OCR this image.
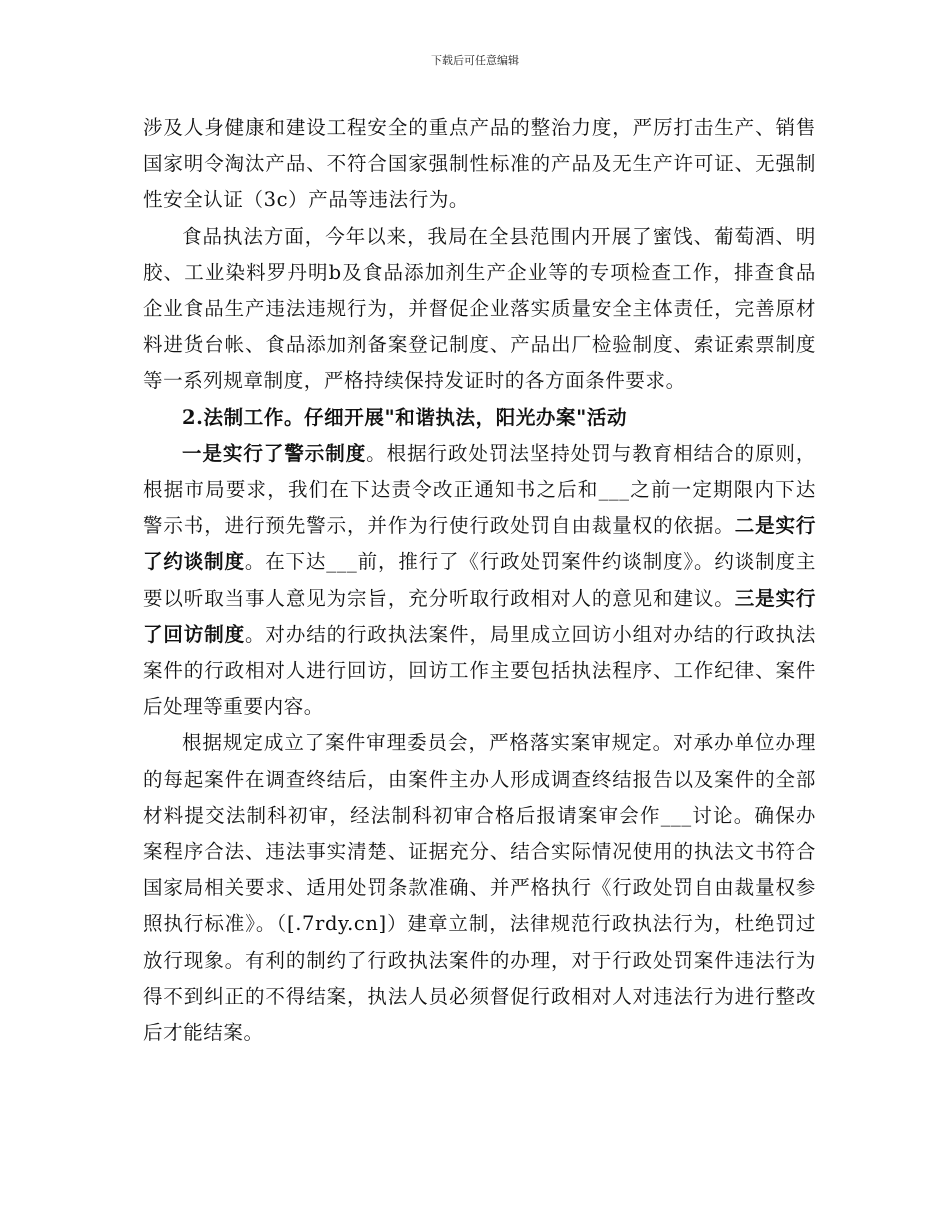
下载后可任意编辑

涉及人身健康和建设工程安全的重点产品的整治力度，严厉打击生产、销售国家明令淘汰产品、不符合国家强制性标准的产品及无生产许可证、无强制性安全认证（3c）产品等违法行为。

食品执法方面，今年以来，我局在全县范围内开展了蜜饯、葡萄酒、明胶、工业染料罗丹明b及食品添加剂生产企业等的专项检查工作，排查食品企业食品生产违法违规行为，并督促企业落实质量安全主体责任，完善原材料进货台帐、食品添加剂备案登记制度、产品出厂检验制度、索证索票制度等一系列规章制度，严格持续保持发证时的各方面条件要求。

2.法制工作。仔细开展"和谐执法，阳光办案"活动

一是实行了警示制度。根据行政处罚法坚持处罚与教育相结合的原则，根据市局要求，我们在下达责令改正通知书之后和___之前一定期限内下达警示书，进行预先警示，并作为行使行政处罚自由裁量权的依据。二是实行了约谈制度。在下达___前，推行了《行政处罚案件约谈制度》。约谈制度主要以听取当事人意见为宗旨，充分听取行政相对人的意见和建议。三是实行了回访制度。对办结的行政执法案件，局里成立回访小组对办结的行政执法案件的行政相对人进行回访，回访工作主要包括执法程序、工作纪律、案件后处理等重要内容。

根据规定成立了案件审理委员会，严格落实案审规定。对承办单位办理的每起案件在调查终结后，由案件主办人形成调查终结报告以及案件的全部材料提交法制科初审，经法制科初审合格后报请案审会作___讨论。确保办案程序合法、违法事实清楚、证据充分、结合实际情况使用的执法文书符合国家局相关要求、适用处罚条款准确、并严格执行《行政处罚自由裁量权参照执行标准》。（[.7rdy.cn]）建章立制，法律规范行政执法行为，杜绝罚过放行现象。有利的制约了行政执法案件的办理，对于行政处罚案件违法行为得不到纠正的不得结案，执法人员必须督促行政相对人对违法行为进行整改后才能结案。
